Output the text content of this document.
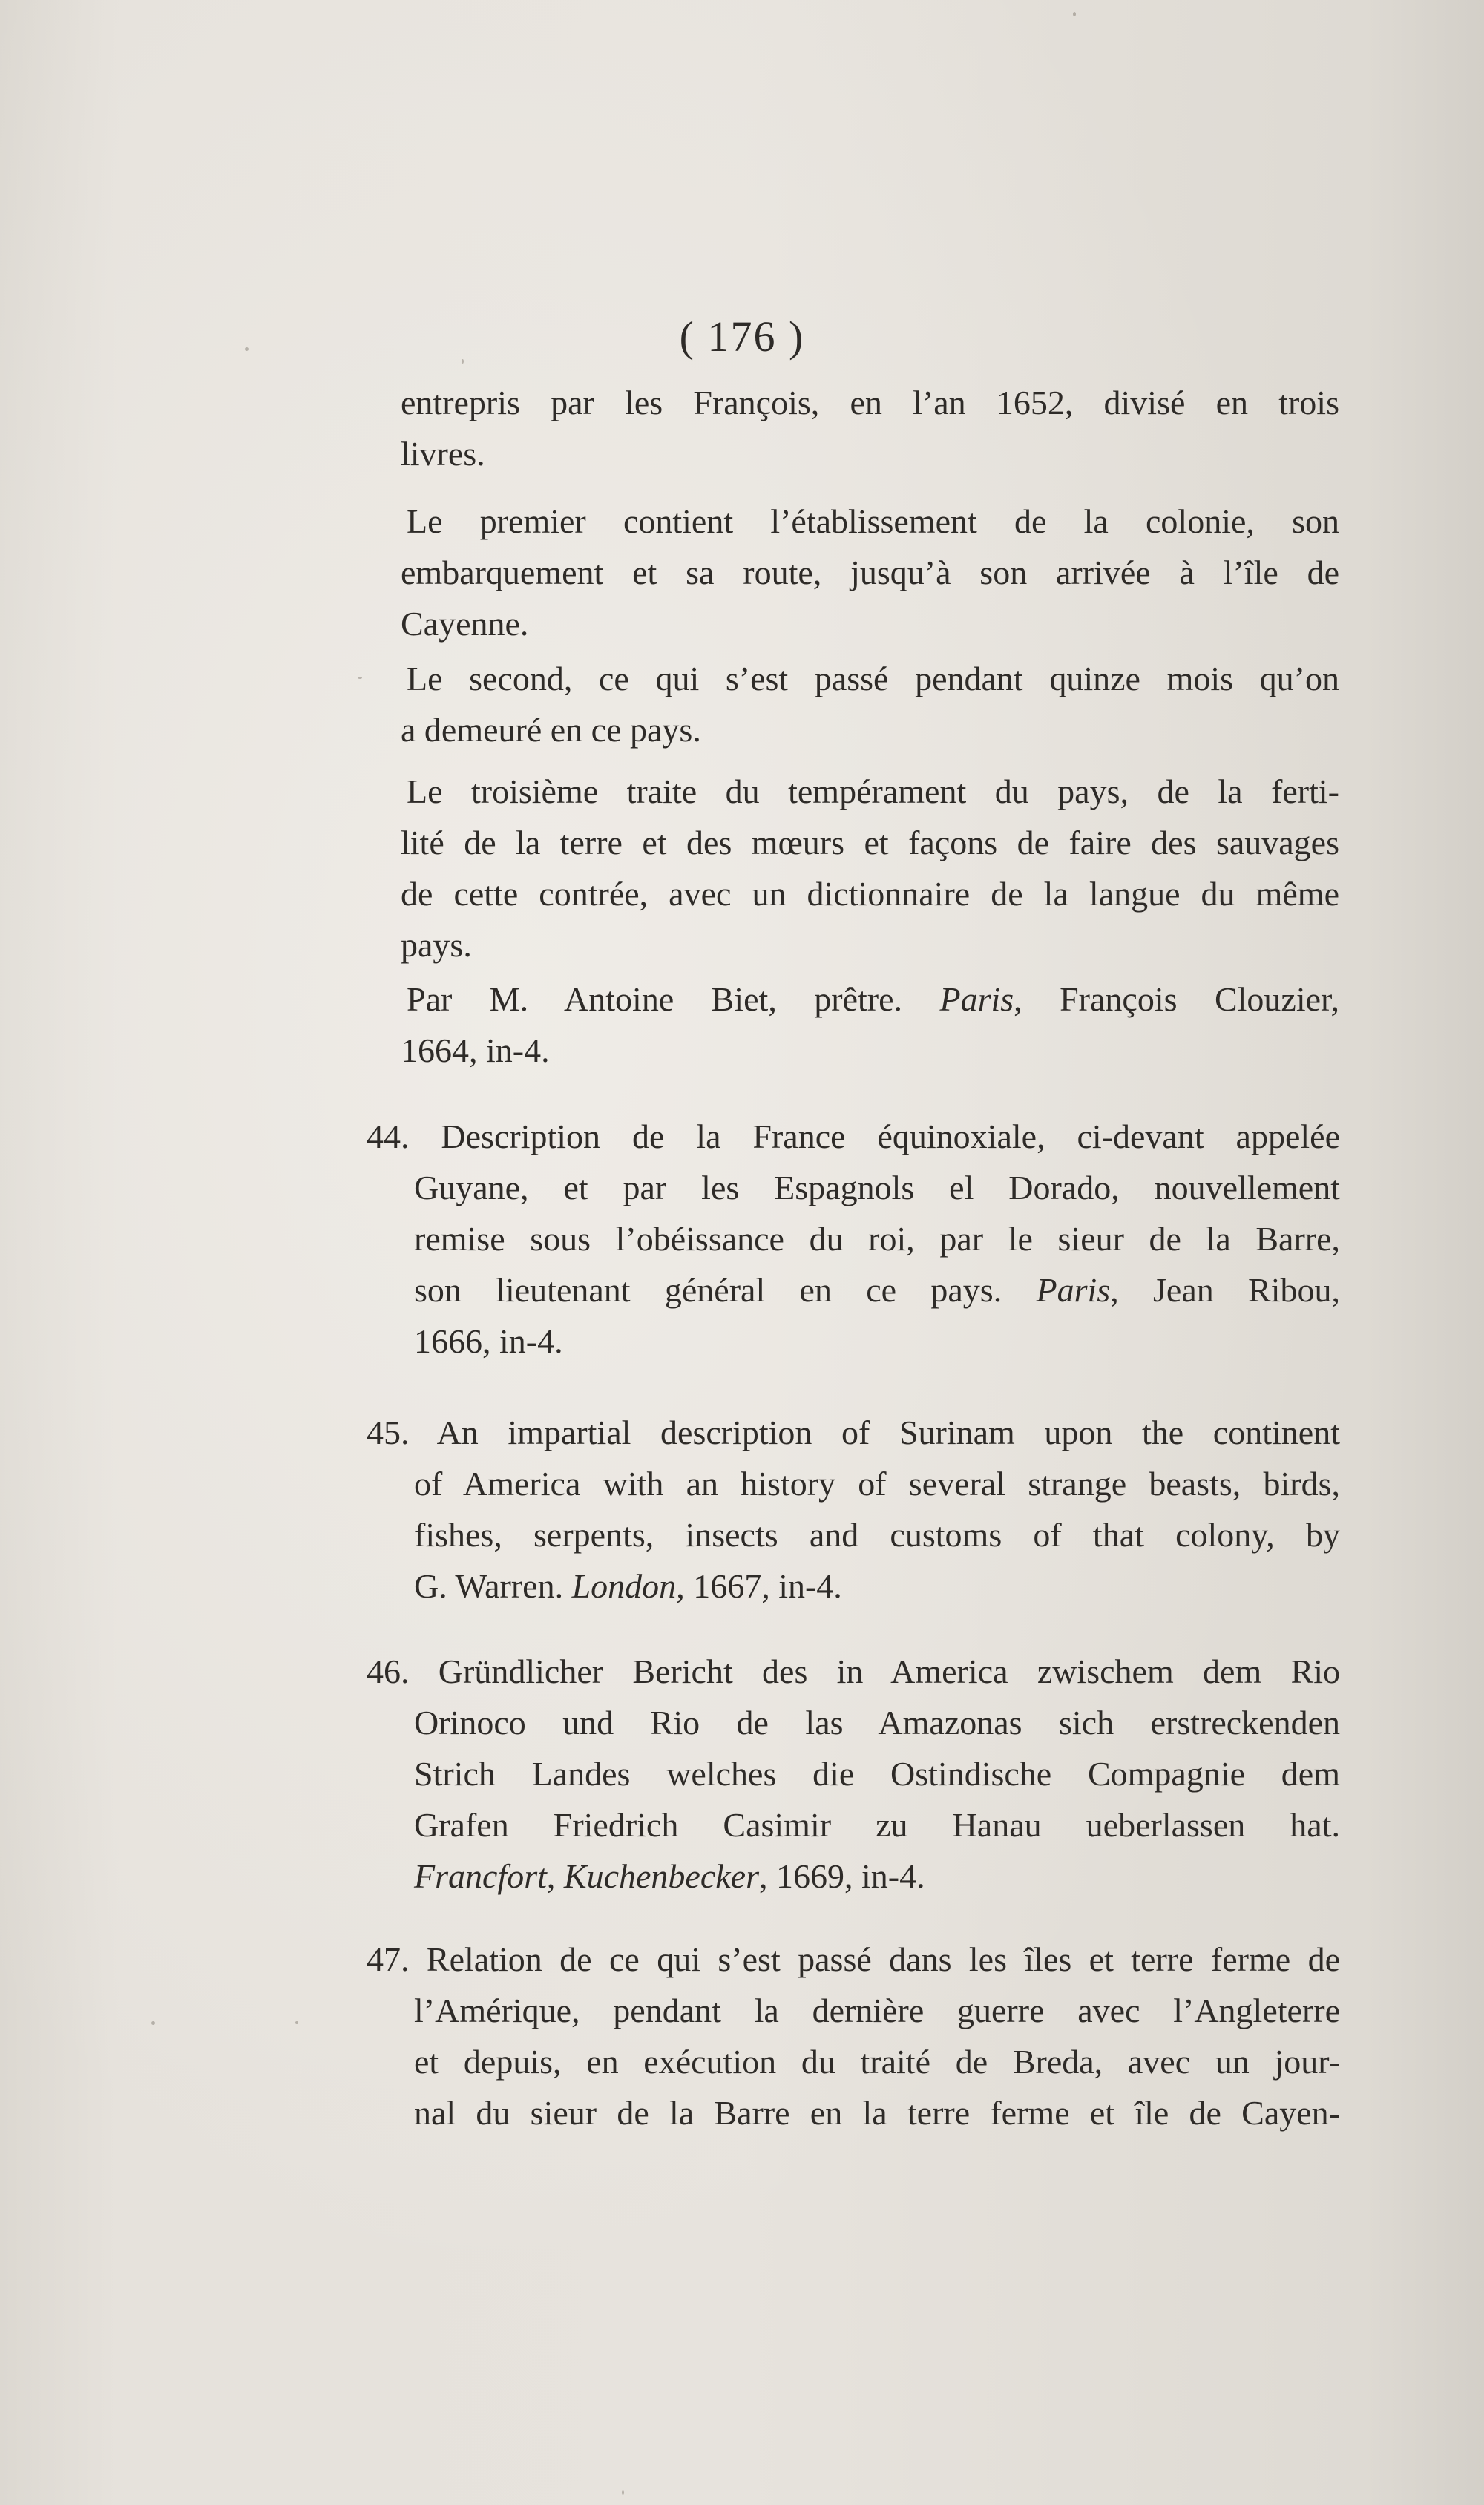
( 176 )
entrepris par les François, en l’an 1652, divisé en trois
livres.
Le premier contient l’établissement de la colonie, son
embarquement et sa route, jusqu’à son arrivée à l’île de
Cayenne.
Le second, ce qui s’est passé pendant quinze mois qu’on
a demeuré en ce pays.
Le troisième traite du tempérament du pays, de la ferti-
lité de la terre et des mœurs et façons de faire des sauvages
de cette contrée, avec un dictionnaire de la langue du même
pays.
Par M. Antoine Biet, prêtre. Paris, François Clouzier,
1664, in-4.
44. Description de la France équinoxiale, ci-devant appelée
Guyane, et par les Espagnols el Dorado, nouvellement
remise sous l’obéissance du roi, par le sieur de la Barre,
son lieutenant général en ce pays. Paris, Jean Ribou,
1666, in-4.
45. An impartial description of Surinam upon the continent
of America with an history of several strange beasts, birds,
fishes, serpents, insects and customs of that colony, by
G. Warren. London, 1667, in-4.
46. Gründlicher Bericht des in America zwischem dem Rio
Orinoco und Rio de las Amazonas sich erstreckenden
Strich Landes welches die Ostindische Compagnie dem
Grafen Friedrich Casimir zu Hanau ueberlassen hat.
Francfort, Kuchenbecker, 1669, in-4.
47. Relation de ce qui s’est passé dans les îles et terre ferme de
l’Amérique, pendant la dernière guerre avec l’Angleterre
et depuis, en exécution du traité de Breda, avec un jour-
nal du sieur de la Barre en la terre ferme et île de Cayen-
